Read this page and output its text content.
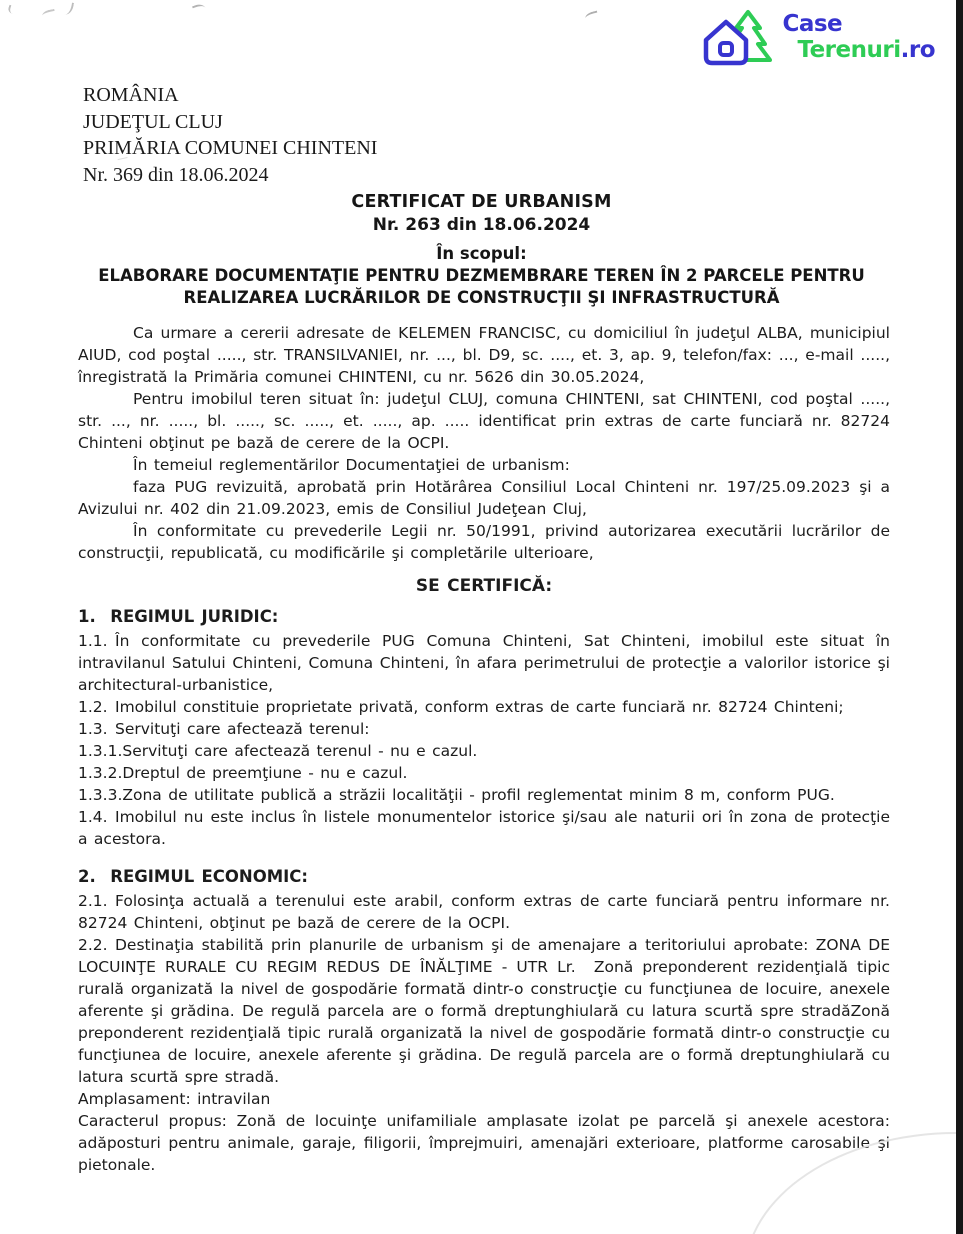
Case
Terenuri.ro
ROMÂNIA
JUDEŢUL CLUJ
PRIMĂRIA COMUNEI CHINTENI
Nr. 369 din 18.06.2024
CERTIFICAT DE URBANISM
Nr. 263 din 18.06.2024
În scopul:
ELABORARE DOCUMENTAŢIE PENTRU DEZMEMBRARE TEREN ÎN 2 PARCELE PENTRU REALIZAREA LUCRĂRILOR DE CONSTRUCŢII ŞI INFRASTRUCTURĂ

Ca urmare a cererii adresate de KELEMEN FRANCISC, cu domiciliul în judeţul ALBA, municipiul AIUD, cod poştal ....., str. TRANSILVANIEI, nr. ..., bl. D9, sc. ...., et. 3, ap. 9, telefon/fax: ..., e-mail ....., înregistrată la Primăria comunei CHINTENI, cu nr. 5626 din 30.05.2024,

Pentru imobilul teren situat în: judeţul CLUJ, comuna CHINTENI, sat CHINTENI, cod poştal ....., str. ..., nr. ....., bl. ....., sc. ....., et. ....., ap. ..... identificat prin extras de carte funciară nr. 82724 Chinteni obţinut pe bază de cerere de la OCPI.

În temeiul reglementărilor Documentaţiei de urbanism:

faza PUG revizuită, aprobată prin Hotărârea Consiliul Local Chinteni nr. 197/25.09.2023 şi a Avizului nr. 402 din 21.09.2023, emis de Consiliul Judeţean Cluj,

În conformitate cu prevederile Legii nr. 50/1991, privind autorizarea executării lucrărilor de construcţii, republicată, cu modificările şi completările ulterioare,

SE CERTIFICĂ:
1.  REGIMUL JURIDIC:

1.1. În conformitate cu prevederile PUG Comuna Chinteni, Sat Chinteni, imobilul este situat în intravilanul Satului Chinteni, Comuna Chinteni, în afara perimetrului de protecţie a valorilor istorice şi architectural-urbanistice,

1.2. Imobilul constituie proprietate privată, conform extras de carte funciară nr. 82724 Chinteni;

1.3. Servituţi care afectează terenul:

1.3.1.Servituţi care afectează terenul - nu e cazul.

1.3.2.Dreptul de preemţiune - nu e cazul.

1.3.3.Zona de utilitate publică a străzii localităţii - profil reglementat minim 8 m, conform PUG.

1.4. Imobilul nu este inclus în listele monumentelor istorice şi/sau ale naturii ori în zona de protecţie a acestora.

2.  REGIMUL ECONOMIC:

2.1. Folosinţa actuală a terenului este arabil, conform extras de carte funciară pentru informare nr. 82724 Chinteni, obţinut pe bază de cerere de la OCPI.

2.2. Destinaţia stabilită prin planurile de urbanism şi de amenajare a teritoriului aprobate: ZONA DE LOCUINŢE RURALE CU REGIM REDUS DE ÎNĂLŢIME - UTR Lr.  Zonă preponderent rezidenţială tipic rurală organizată la nivel de gospodărie formată dintr-o construcţie cu funcţiunea de locuire, anexele aferente şi grădina. De regulă parcela are o formă dreptunghiulară cu latura scurtă spre stradăZonă preponderent rezidenţială tipic rurală organizată la nivel de gospodărie formată dintr-o construcţie cu funcţiunea de locuire, anexele aferente şi grădina. De regulă parcela are o formă dreptunghiulară cu latura scurtă spre stradă.

Amplasament: intravilan

Caracterul propus: Zonă de locuinţe unifamiliale amplasate izolat pe parcelă şi anexele acestora: adăposturi pentru animale, garaje, filigorii, împrejmuiri, amenajări exterioare, platforme carosabile şi pietonale.
